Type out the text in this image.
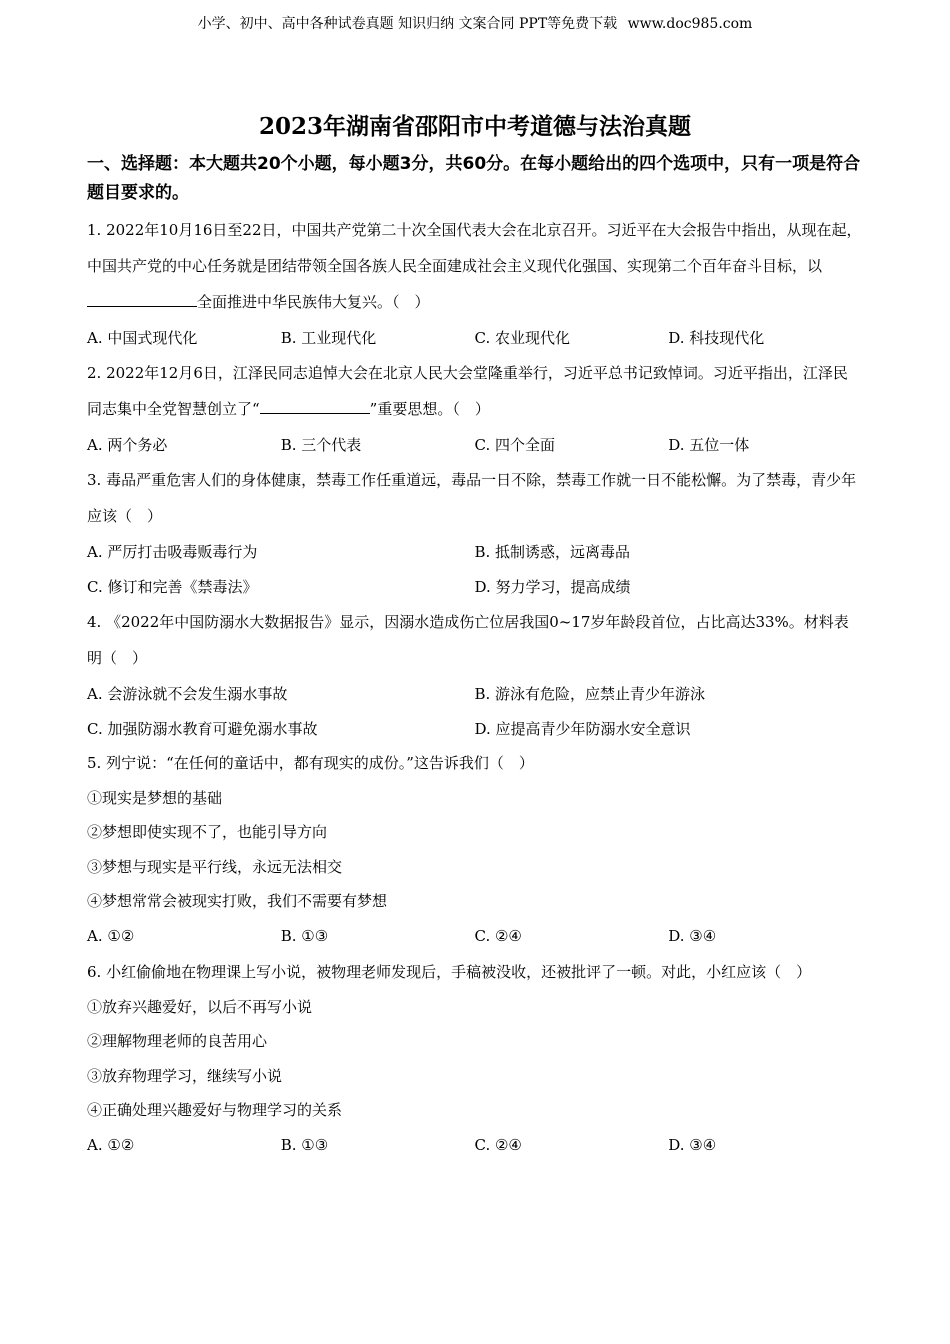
小学、初中、高中各种试卷真题 知识归纳 文案合同 PPT等免费下载 www.doc985.com
2023年湖南省邵阳市中考道德与法治真题
一、选择题：本大题共20个小题，每小题3分，共60分。在每小题给出的四个选项中，只有一项是符合题目要求的。
1. 2022年10月16日至22日，中国共产党第二十次全国代表大会在北京召开。习近平在大会报告中指出，从现在起，中国共产党的中心任务就是团结带领全国各族人民全面建成社会主义现代化强国、实现第二个百年奋斗目标，以全面推进中华民族伟大复兴。（　）
A. 中国式现代化	B. 工业现代化	C. 农业现代化	D. 科技现代化
2. 2022年12月6日，江泽民同志追悼大会在北京人民大会堂隆重举行，习近平总书记致悼词。习近平指出，江泽民同志集中全党智慧创立了“	”重要思想。（　）
A. 两个务必	B. 三个代表	C. 四个全面	D. 五位一体
3. 毒品严重危害人们的身体健康，禁毒工作任重道远，毒品一日不除，禁毒工作就一日不能松懈。为了禁毒，青少年应该（　）
A. 严厉打击吸毒贩毒行为	B. 抵制诱惑，远离毒品
C. 修订和完善《禁毒法》	D. 努力学习，提高成绩
4. 《2022年中国防溺水大数据报告》显示，因溺水造成伤亡位居我国0~17岁年龄段首位，占比高达33%。材料表明（　）
A. 会游泳就不会发生溺水事故	B. 游泳有危险，应禁止青少年游泳
C. 加强防溺水教育可避免溺水事故	D. 应提高青少年防溺水安全意识
5. 列宁说：“在任何的童话中，都有现实的成份。”这告诉我们（　）
①现实是梦想的基础
②梦想即使实现不了，也能引导方向
③梦想与现实是平行线，永远无法相交
④梦想常常会被现实打败，我们不需要有梦想
A. ①②	B. ①③	C. ②④	D. ③④
6. 小红偷偷地在物理课上写小说，被物理老师发现后，手稿被没收，还被批评了一顿。对此，小红应该（　）
①放弃兴趣爱好，以后不再写小说
②理解物理老师的良苦用心
③放弃物理学习，继续写小说
④正确处理兴趣爱好与物理学习的关系
A. ①②	B. ①③	C. ②④	D. ③④
